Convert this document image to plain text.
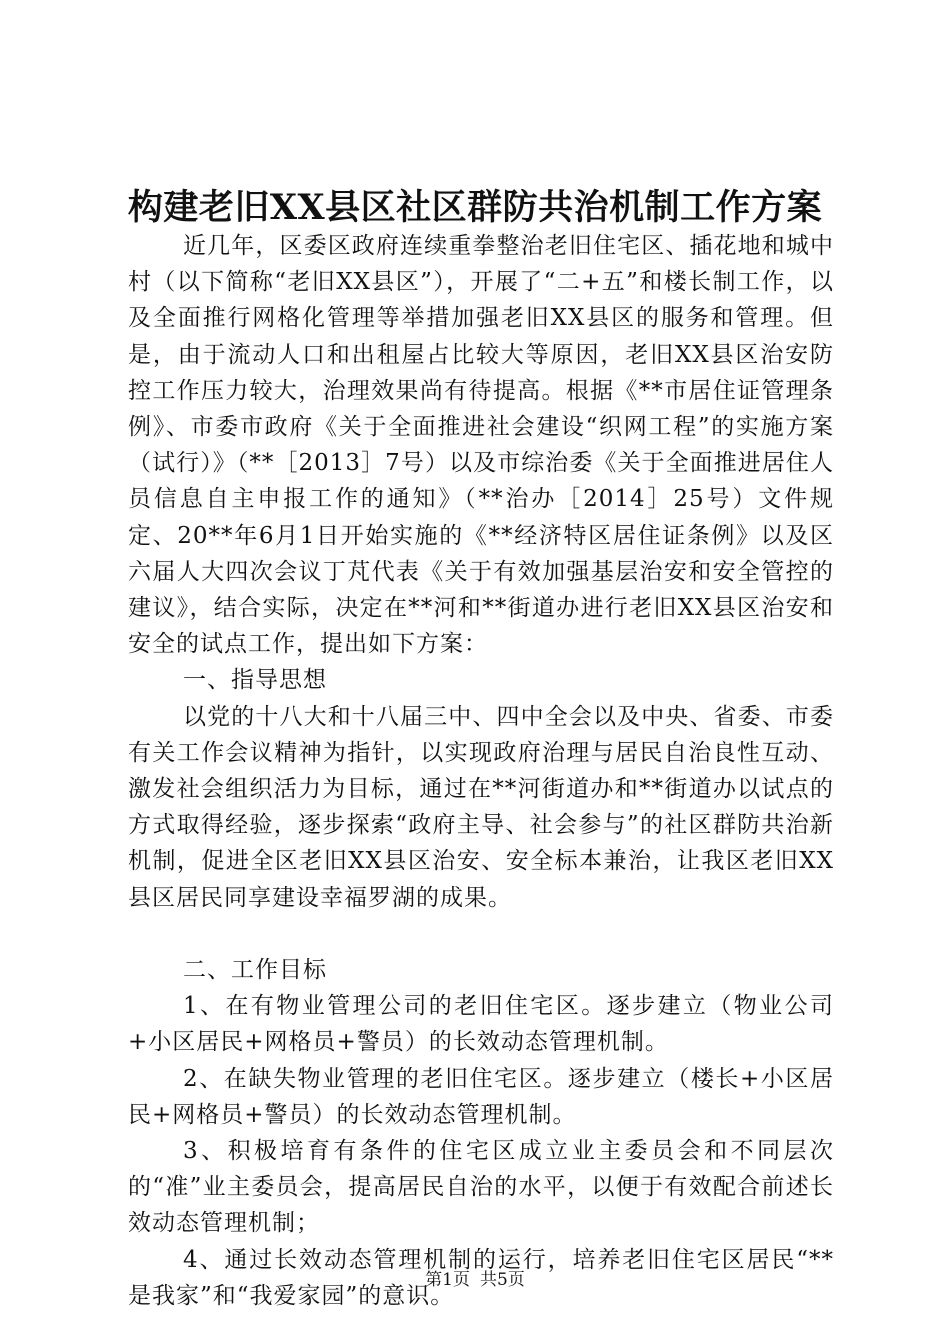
构建老旧XX县区社区群防共治机制工作方案

近几年，区委区政府连续重拳整治老旧住宅区、插花地和城中村（以下简称“老旧XX县区”），开展了“二+五”和楼长制工作，以及全面推行网格化管理等举措加强老旧XX县区的服务和管理。但是，由于流动人口和出租屋占比较大等原因，老旧XX县区治安防控工作压力较大，治理效果尚有待提高。根据《**市居住证管理条例》、市委市政府《关于全面推进社会建设“织网工程”的实施方案（试行）》（**［2013］7号）以及市综治委《关于全面推进居住人员信息自主申报工作的通知》（**治办［2014］25号）文件规定、20**年6月1日开始实施的《**经济特区居住证条例》以及区六届人大四次会议丁芃代表《关于有效加强基层治安和安全管控的建议》，结合实际，决定在**河和**街道办进行老旧XX县区治安和安全的试点工作，提出如下方案：

一、指导思想

以党的十八大和十八届三中、四中全会以及中央、省委、市委有关工作会议精神为指针，以实现政府治理与居民自治良性互动、激发社会组织活力为目标，通过在**河街道办和**街道办以试点的方式取得经验，逐步探索“政府主导、社会参与”的社区群防共治新机制，促进全区老旧XX县区治安、安全标本兼治，让我区老旧XX县区居民同享建设幸福罗湖的成果。

二、工作目标

1、在有物业管理公司的老旧住宅区。逐步建立（物业公司+小区居民+网格员+警员）的长效动态管理机制。

2、在缺失物业管理的老旧住宅区。逐步建立（楼长+小区居民+网格员+警员）的长效动态管理机制。

3、积极培育有条件的住宅区成立业主委员会和不同层次的“准”业主委员会，提高居民自治的水平，以便于有效配合前述长效动态管理机制；

4、通过长效动态管理机制的运行，培养老旧住宅区居民“**是我家”和“我爱家园”的意识。

第1页 共5页
